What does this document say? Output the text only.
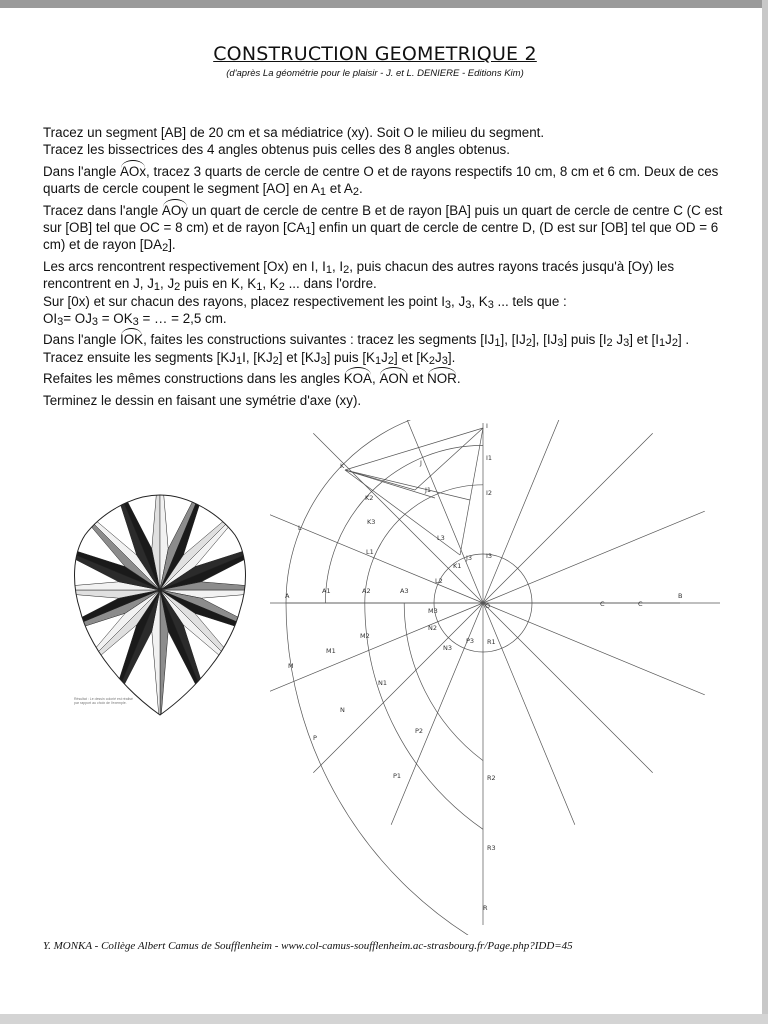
CONSTRUCTION GEOMETRIQUE 2
(d'après La géométrie pour le plaisir - J. et L. DENIERE - Editions Kim)

Tracez un segment [AB] de 20 cm et sa médiatrice (xy). Soit O le milieu du segment.
Tracez les bissectrices des 4 angles obtenus puis celles des 8 angles obtenus.

Dans l'angle AOx, tracez 3 quarts de cercle de centre O et de rayons respectifs 10 cm, 8 cm et 6 cm. Deux de ces quarts de cercle coupent le segment [AO] en $A_1$ et $A_2$.

Tracez dans l'angle AOy un quart de cercle de centre B et de rayon [BA] puis un quart de cercle de centre C (C est sur [OB] tel que OC = 8 cm) et de rayon $[CA_1]$ enfin un quart de cercle de centre D, (D est sur [OB] tel que OD = 6 cm) et de rayon $[DA_2]$.

Les arcs rencontrent respectivement [Ox) en I, $I_1$, $I_2$, puis chacun des autres rayons tracés jusqu'à [Oy) les rencontrent en J, $J_1$, $J_2$ puis en K, $K_1$, $K_2$ ... dans l'ordre.
Sur [0x) et sur chacun des rayons, placez respectivement les point $I_3$, $J_3$, $K_3$ ... tels que :
$OI_3= OJ_3 = OK_3$ = … = 2,5 cm.

Dans l'angle IOK, faites les constructions suivantes : tracez les segments $[IJ_1]$, $[IJ_2]$, $[IJ_3]$ puis [$I_2$ $J_3$] et $[I_1J_2]$ . Tracez ensuite les segments [$KJ_1I$, $[KJ_2]$ et $[KJ_3]$ puis $[K_1J_2]$ et $[K_2J_3]$.

Refaites les mêmes constructions dans les angles KOA, AON et NOR.

Terminez le dessin en faisant une symétrie d'axe (xy).

Résultat : Le dessin colorié est réalisé par rapport au choix de l'exemple.
A
A1	A2	A3
O	C	C
B
I
I1
I2
I3
J
J1
J3
K
K1
K2
K3
L
L1
L2
L3
M
M1
M2
M3
N
N1
N2
N3
P
P1
P2
P3
R
R1
R2
R3
Y. MONKA - Collège Albert Camus de Soufflenheim - www.col-camus-soufflenheim.ac-strasbourg.fr/Page.php?IDD=45
